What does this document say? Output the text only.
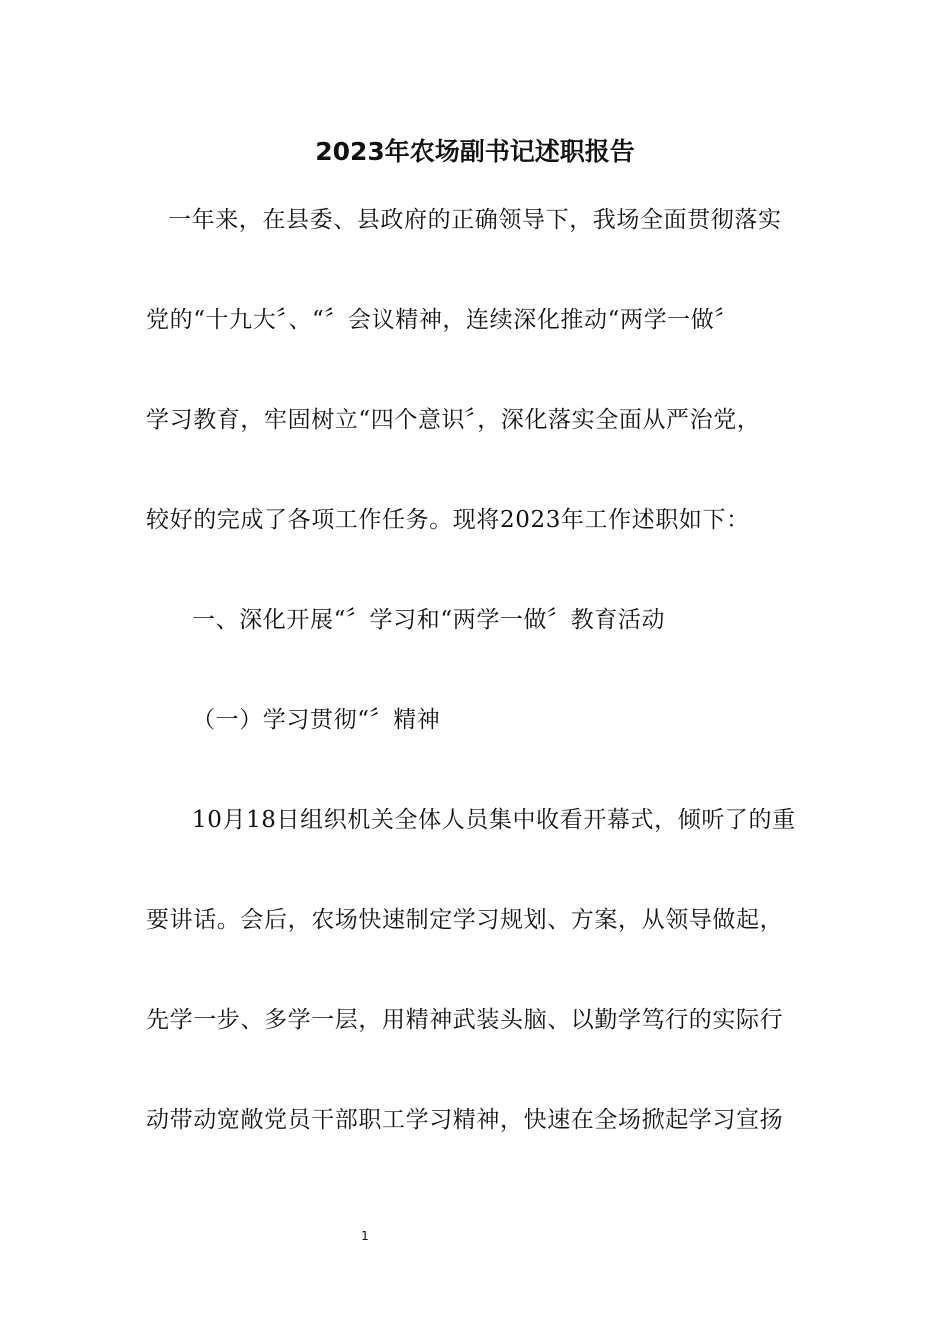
2023年农场副书记述职报告
一年来，在县委、县政府的正确领导下，我场全面贯彻落实
党的“十九大〞、“〞会议精神，连续深化推动“两学一做〞
学习教育，牢固树立“四个意识〞，深化落实全面从严治党，
较好的完成了各项工作任务。现将2023年工作述职如下：
一、深化开展“〞学习和“两学一做〞教育活动
（一）学习贯彻“〞精神
10月18日组织机关全体人员集中收看开幕式，倾听了的重
要讲话。会后，农场快速制定学习规划、方案，从领导做起，
先学一步、多学一层，用精神武装头脑、以勤学笃行的实际行
动带动宽敞党员干部职工学习精神，快速在全场掀起学习宣扬
1
